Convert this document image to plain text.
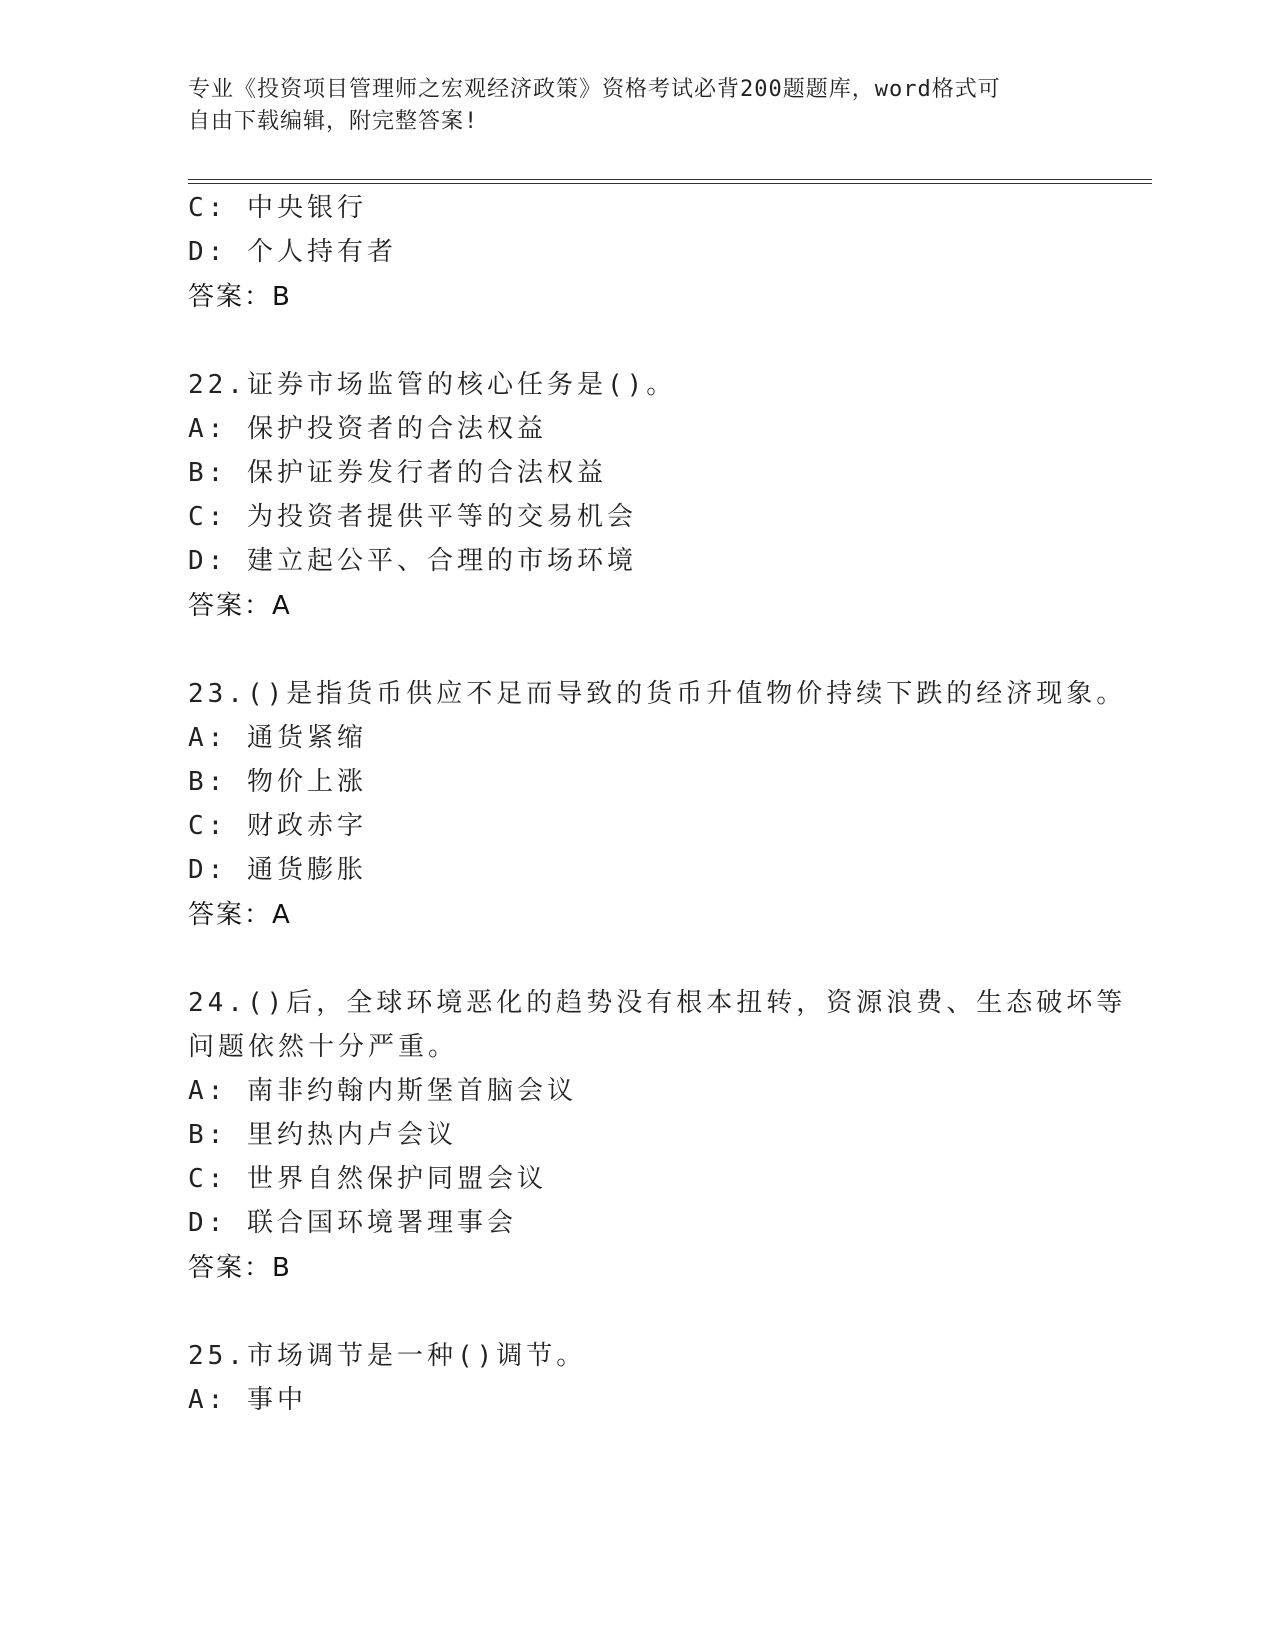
专业《投资项目管理师之宏观经济政策》资格考试必背200题题库，word格式可
自由下载编辑，附完整答案!
C: 中央银行
D: 个人持有者
答案：B
22.证券市场监管的核心任务是()。
A: 保护投资者的合法权益
B: 保护证券发行者的合法权益
C: 为投资者提供平等的交易机会
D: 建立起公平、合理的市场环境
答案：A
23.()是指货币供应不足而导致的货币升值物价持续下跌的经济现象。
A: 通货紧缩
B: 物价上涨
C: 财政赤字
D: 通货膨胀
答案：A
24.()后，全球环境恶化的趋势没有根本扭转，资源浪费、生态破坏等
问题依然十分严重。
A: 南非约翰内斯堡首脑会议
B: 里约热内卢会议
C: 世界自然保护同盟会议
D: 联合国环境署理事会
答案：B
25.市场调节是一种()调节。
A: 事中
